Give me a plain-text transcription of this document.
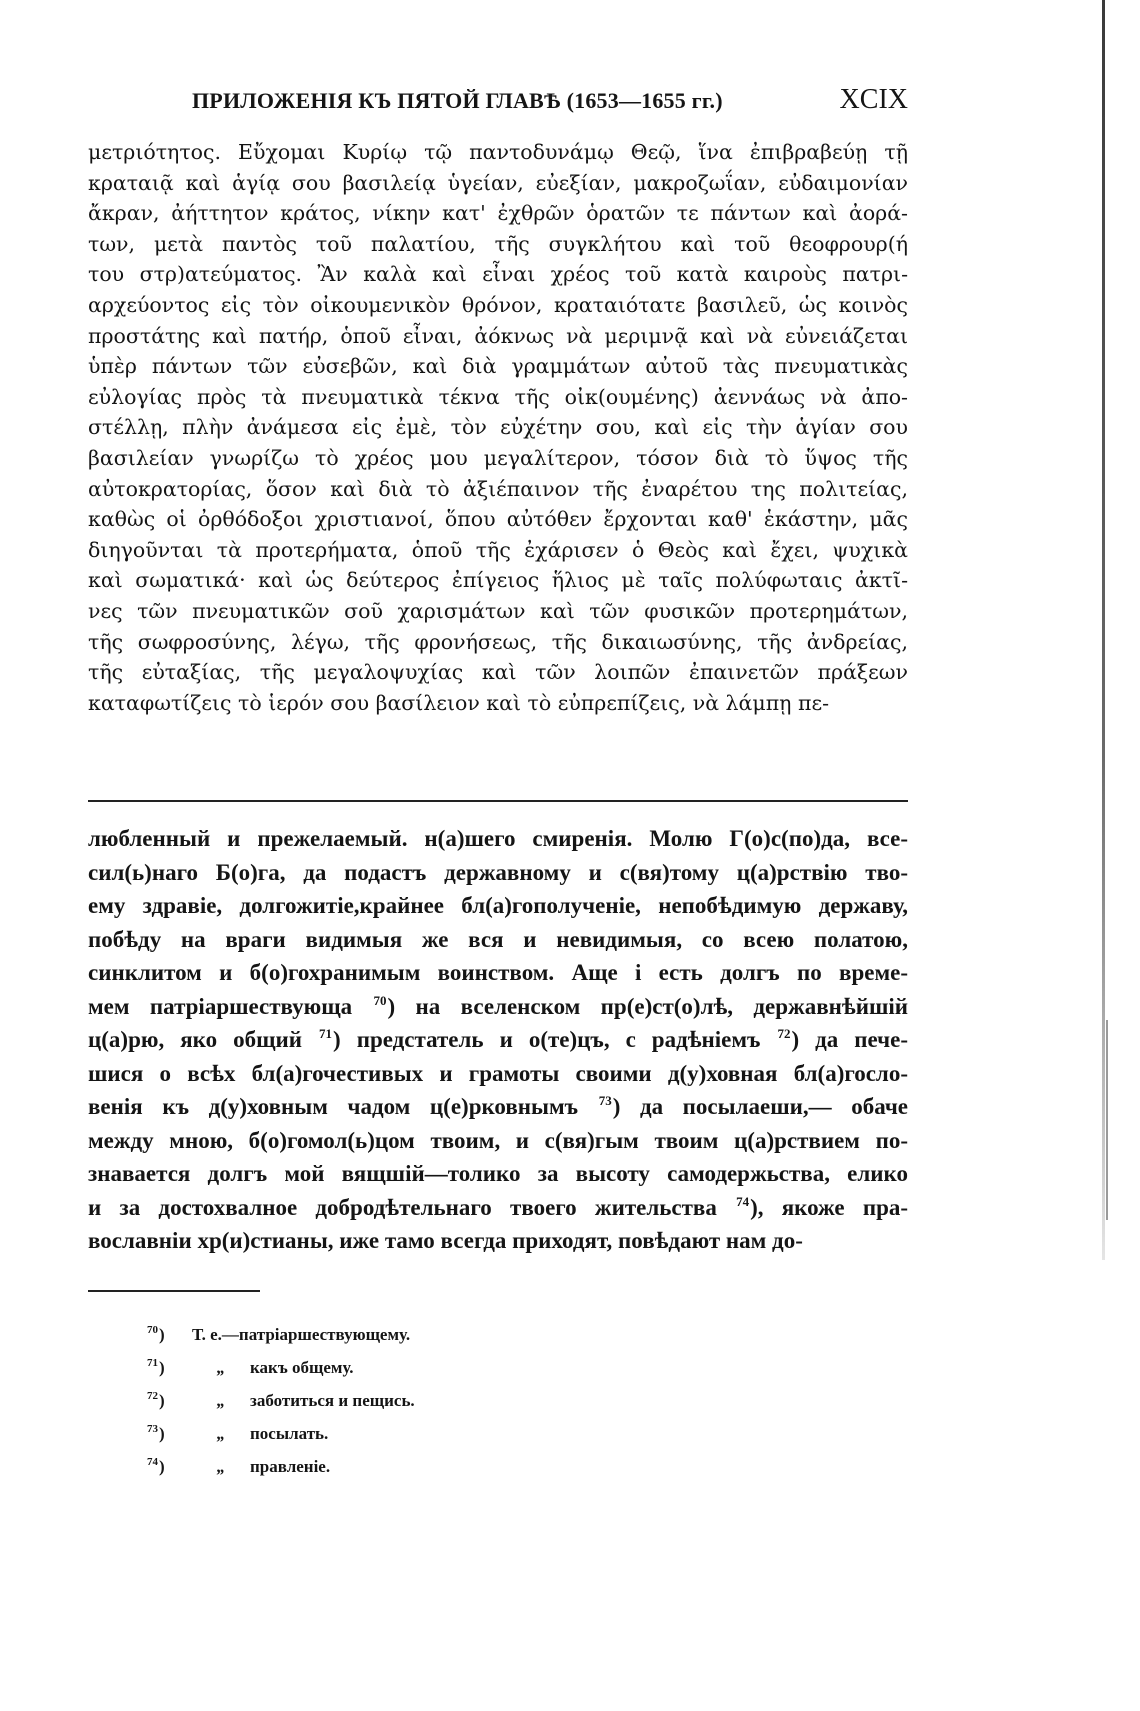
ПРИЛОЖЕНІЯ КЪ ПЯТОЙ ГЛАВѢ (1653—1655 гг.)	XCIX
μετριότητος. Εὔχομαι Κυρίῳ τῷ παντοδυνάμῳ Θεῷ, ἵνα ἐπιβραβεύῃ τῇ
κραταιᾷ καὶ ἁγίᾳ σου βασιλείᾳ ὑγείαν, εὐεξίαν, μακροζωΐαν, εὐδαιμονίαν
ἄκραν, ἀήττητον κράτος, νίκην κατ' ἐχθρῶν ὁρατῶν τε πάντων καὶ ἀορά-
των, μετὰ παντὸς τοῦ παλατίου, τῆς συγκλήτου καὶ τοῦ θεοφρουρ(ή
του στρ)ατεύματος. Ἂν καλὰ καὶ εἶναι χρέος τοῦ κατὰ καιροὺς πατρι-
αρχεύοντος εἰς τὸν οἰκουμενικὸν θρόνον, κραταιότατε βασιλεῦ, ὡς κοινὸς
προστάτης καὶ πατήρ, ὁποῦ εἶναι, ἀόκνως νὰ μεριμνᾷ καὶ νὰ εὐνειάζεται
ὑπὲρ πάντων τῶν εὐσεβῶν, καὶ διὰ γραμμάτων αὐτοῦ τὰς πνευματικὰς
εὐλογίας πρὸς τὰ πνευματικὰ τέκνα τῆς οἰκ(ουμένης) ἀεννάως νὰ ἀπο-
στέλλῃ, πλὴν ἀνάμεσα εἰς ἐμὲ, τὸν εὐχέτην σου, καὶ εἰς τὴν ἁγίαν σου
βασιλείαν γνωρίζω τὸ χρέος μου μεγαλίτερον, τόσον διὰ τὸ ὕψος τῆς
αὐτοκρατορίας, ὅσον καὶ διὰ τὸ ἀξιέπαινον τῆς ἐναρέτου της πολιτείας,
καθὼς οἱ ὀρθόδοξοι χριστιανοί, ὅπου αὐτόθεν ἔρχονται καθ' ἑκάστην, μᾶς
διηγοῦνται τὰ προτερήματα, ὁποῦ τῆς ἐχάρισεν ὁ Θεὸς καὶ ἔχει, ψυχικὰ
καὶ σωματικά· καὶ ὡς δεύτερος ἐπίγειος ἥλιος μὲ ταῖς πολύφωταις ἀκτῖ-
νες τῶν πνευματικῶν σοῦ χαρισμάτων καὶ τῶν φυσικῶν προτερημάτων,
τῆς σωφροσύνης, λέγω, τῆς φρονήσεως, τῆς δικαιωσύνης, τῆς ἀνδρείας,
τῆς εὐταξίας, τῆς μεγαλοψυχίας καὶ τῶν λοιπῶν ἐπαινετῶν πράξεων
καταφωτίζεις τὸ ἱερόν σου βασίλειον καὶ τὸ εὐπρεπίζεις, νὰ λάμπῃ πε-
любленный и прежелаемый. н(а)шего смиренія. Молю Г(о)с(по)да, все-
сил(ь)наго Б(о)га, да подастъ державному и с(вя)тому ц(а)рствію тво-
ему здравіе, долгожитіе,крайнее бл(а)гополученіе, непобѣдимую державу,
побѣду на враги видимыя же вся и невидимыя, со всею полатою,
синклитом и б(о)гохранимым воинством. Аще і есть долгъ по времe-
мем патріаршествующа $^{70}$) на вселенском пр(е)ст(о)лѣ, державнѣйшій
ц(а)рю, яко общий $^{71}$) предстатель и о(те)цъ, с радѣніемъ $^{72}$) да пече-
шися о всѣх бл(а)гочестивых и грамоты своими д(у)ховная бл(а)госло-
венія къ д(у)ховным чадом ц(е)рковнымъ $^{73}$) да посылаеши,— обаче
между мною, б(о)гомол(ь)цом твоим, и с(вя)гым твоим ц(а)рствием по-
знавается долгъ мой вящшій—толико за высоту самодержьства, елико
и за достохвалное добродѣтельнаго твоего жительства $^{74}$), якоже пра-
вославніи хр(и)стианы, иже тамо всегда приходят, повѣдают нам до-
$^{70}$)	Т. е.—патріаршествующему.
$^{71}$)	„	какъ общему.
$^{72}$)	„	заботиться и пещись.
$^{73}$)	„	посылать.
$^{74}$)	„	правленіе.
